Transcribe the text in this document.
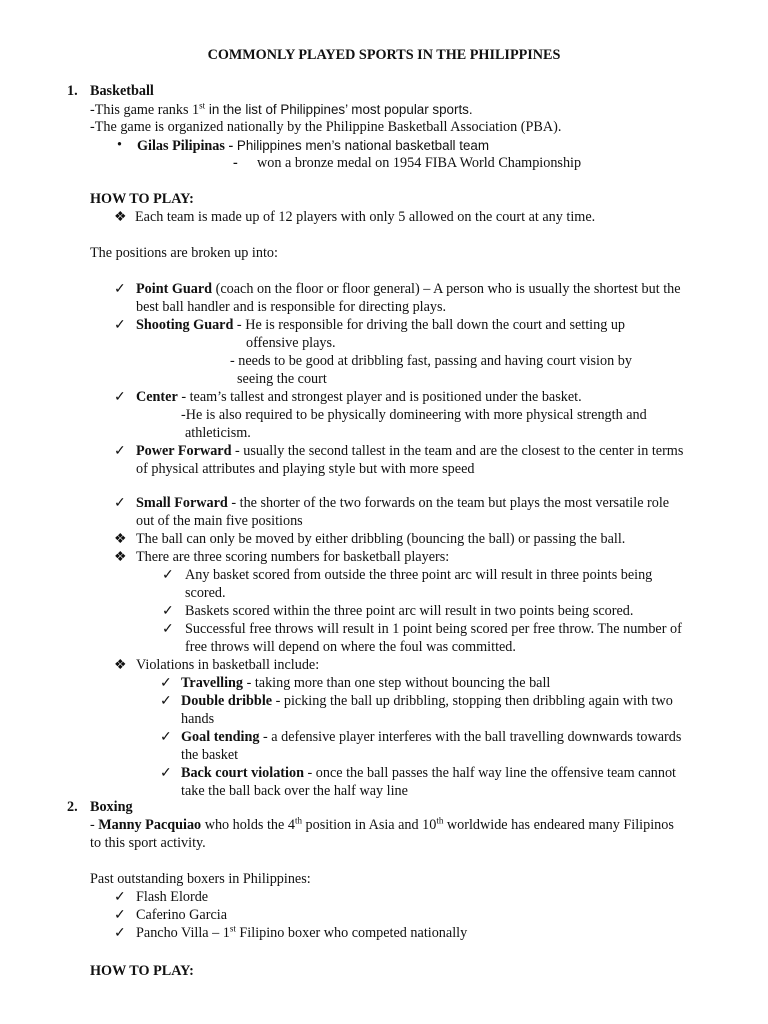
COMMONLY PLAYED SPORTS IN THE PHILIPPINES
1. Basketball
-This game ranks 1st in the list of Philippines’ most popular sports.
-The game is organized nationally by the Philippine Basketball Association (PBA).
• Gilas Pilipinas - Philippines men’s national basketball team
- won a bronze medal on 1954 FIBA World Championship
HOW TO PLAY:
❖ Each team is made up of 12 players with only 5 allowed on the court at any time.
The positions are broken up into:
✓ Point Guard (coach on the floor or floor general) – A person who is usually the shortest but the
best ball handler and is responsible for directing plays.
✓ Shooting Guard - He is responsible for driving the ball down the court and setting up
offensive plays.
- needs to be good at dribbling fast, passing and having court vision by
seeing the court
✓ Center - team’s tallest and strongest player and is positioned under the basket.
-He is also required to be physically domineering with more physical strength and
athleticism.
✓ Power Forward - usually the second tallest in the team and are the closest to the center in terms
of physical attributes and playing style but with more speed
✓ Small Forward - the shorter of the two forwards on the team but plays the most versatile role
out of the main five positions
❖ The ball can only be moved by either dribbling (bouncing the ball) or passing the ball.
❖ There are three scoring numbers for basketball players:
✓ Any basket scored from outside the three point arc will result in three points being
scored.
✓ Baskets scored within the three point arc will result in two points being scored.
✓ Successful free throws will result in 1 point being scored per free throw. The number of
free throws will depend on where the foul was committed.
❖ Violations in basketball include:
✓ Travelling - taking more than one step without bouncing the ball
✓ Double dribble - picking the ball up dribbling, stopping then dribbling again with two
hands
✓ Goal tending - a defensive player interferes with the ball travelling downwards towards
the basket
✓ Back court violation - once the ball passes the half way line the offensive team cannot
take the ball back over the half way line
2. Boxing
- Manny Pacquiao who holds the 4th position in Asia and 10th worldwide has endeared many Filipinos
to this sport activity.
Past outstanding boxers in Philippines:
✓ Flash Elorde
✓ Caferino Garcia
✓ Pancho Villa – 1st Filipino boxer who competed nationally
HOW TO PLAY:
